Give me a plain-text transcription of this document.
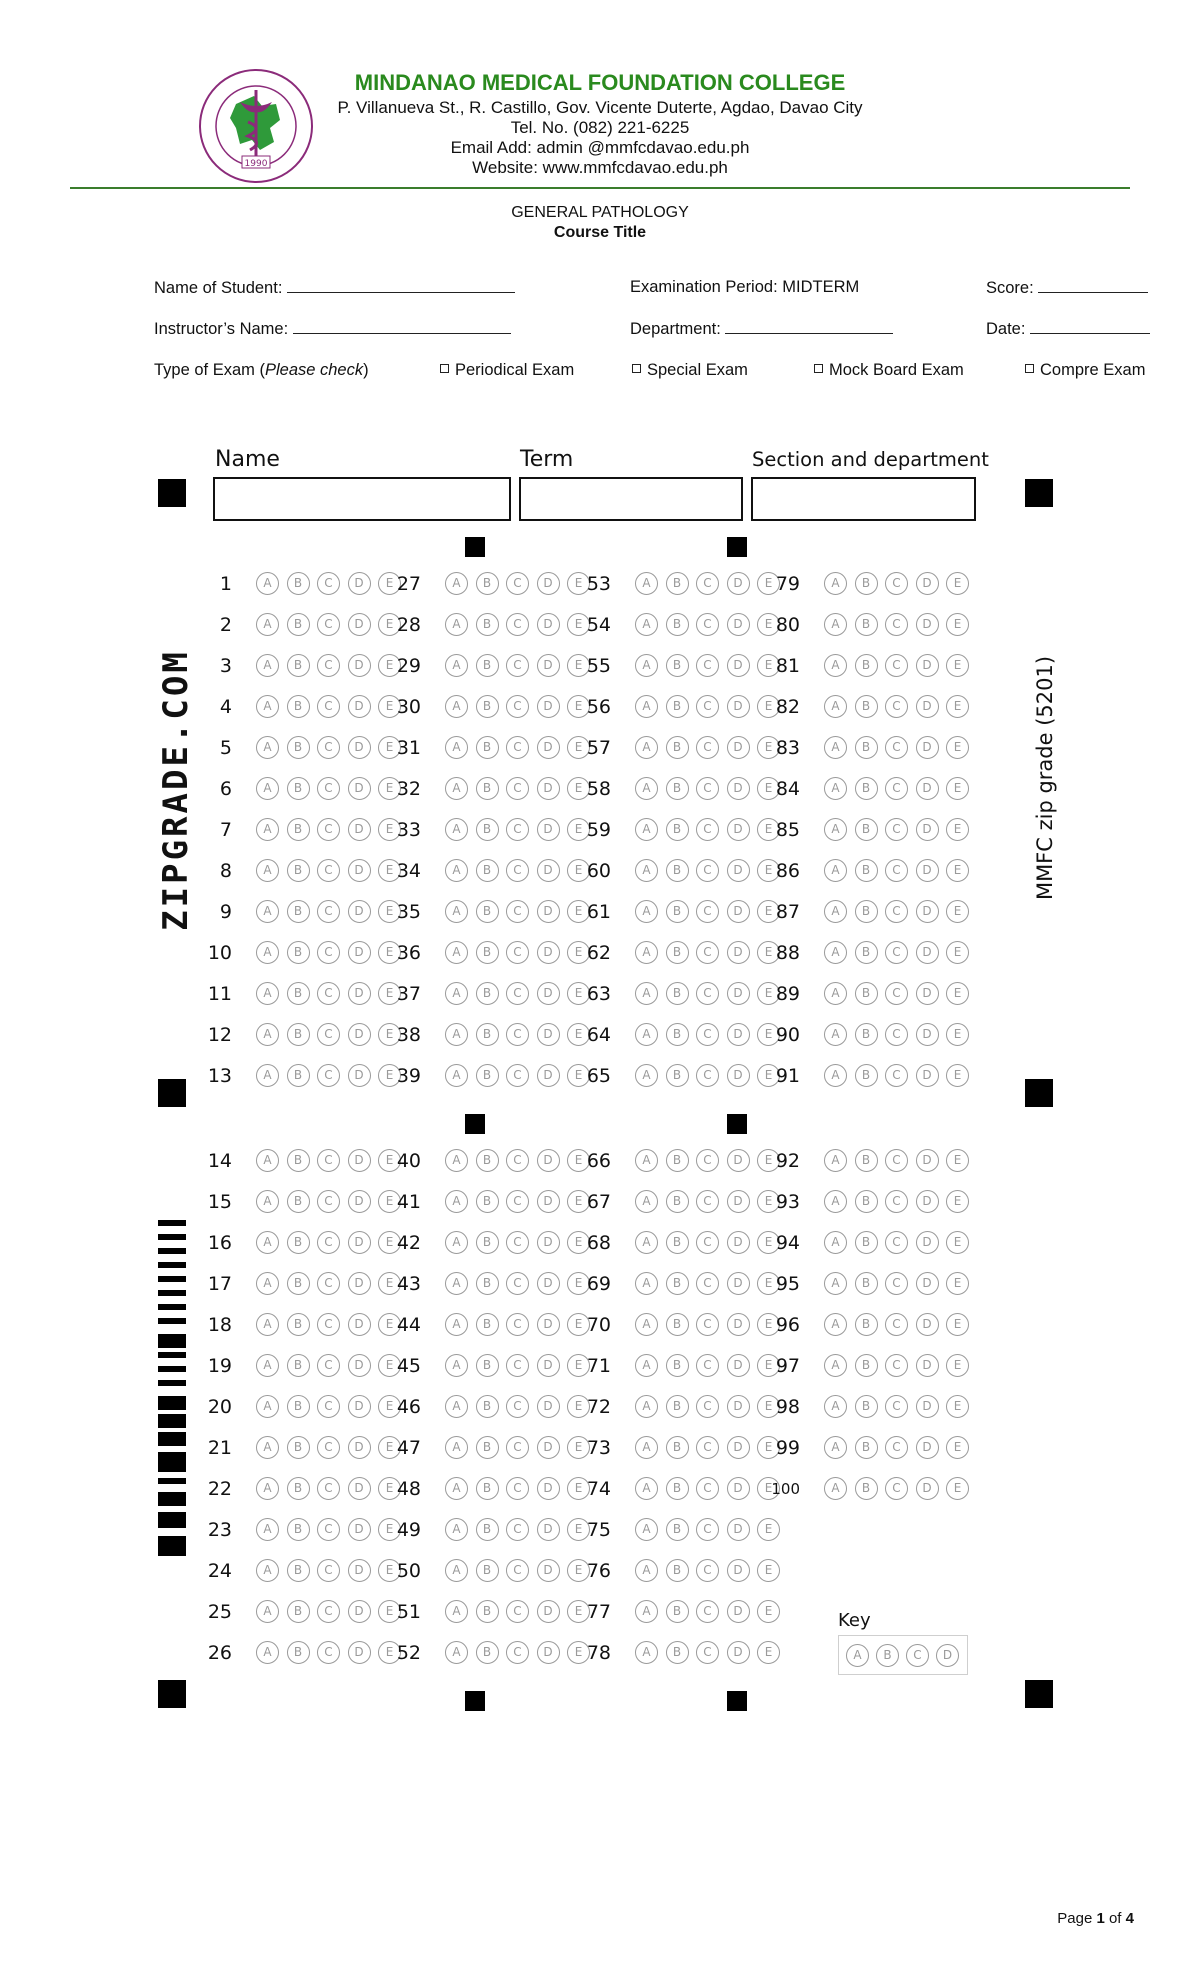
1990
MINDANAO MEDICAL FOUNDATION COLLEGE
P. Villanueva St., R. Castillo, Gov. Vicente Duterte, Agdao, Davao City
Tel. No. (082) 221-6225
Email Add: admin @mmfcdavao.edu.ph
Website: www.mmfcdavao.edu.ph
GENERAL PATHOLOGY
Course Title
Name of Student:	Examination Period: MIDTERM	Score:
Instructor’s Name:	Department:	Date:
Type of Exam (Please check)	Periodical Exam	Special Exam	Mock Board Exam	Compre Exam
Name	Term	Section and department
ZIPGRADE.COM	MMFC zip grade (5201)
1	A	B	C	D	E
2	A	B	C	D	E
3	A	B	C	D	E
4	A	B	C	D	E
5	A	B	C	D	E
6	A	B	C	D	E
7	A	B	C	D	E
8	A	B	C	D	E
9	A	B	C	D	E
10	A	B	C	D	E
11	A	B	C	D	E
12	A	B	C	D	E
13	A	B	C	D	E
14	A	B	C	D	E
15	A	B	C	D	E
16	A	B	C	D	E
17	A	B	C	D	E
18	A	B	C	D	E
19	A	B	C	D	E
20	A	B	C	D	E
21	A	B	C	D	E
22	A	B	C	D	E
23	A	B	C	D	E
24	A	B	C	D	E
25	A	B	C	D	E
26	A	B	C	D	E
27	A	B	C	D	E
28	A	B	C	D	E
29	A	B	C	D	E
30	A	B	C	D	E
31	A	B	C	D	E
32	A	B	C	D	E
33	A	B	C	D	E
34	A	B	C	D	E
35	A	B	C	D	E
36	A	B	C	D	E
37	A	B	C	D	E
38	A	B	C	D	E
39	A	B	C	D	E
40	A	B	C	D	E
41	A	B	C	D	E
42	A	B	C	D	E
43	A	B	C	D	E
44	A	B	C	D	E
45	A	B	C	D	E
46	A	B	C	D	E
47	A	B	C	D	E
48	A	B	C	D	E
49	A	B	C	D	E
50	A	B	C	D	E
51	A	B	C	D	E
52	A	B	C	D	E
53	A	B	C	D	E
54	A	B	C	D	E
55	A	B	C	D	E
56	A	B	C	D	E
57	A	B	C	D	E
58	A	B	C	D	E
59	A	B	C	D	E
60	A	B	C	D	E
61	A	B	C	D	E
62	A	B	C	D	E
63	A	B	C	D	E
64	A	B	C	D	E
65	A	B	C	D	E
66	A	B	C	D	E
67	A	B	C	D	E
68	A	B	C	D	E
69	A	B	C	D	E
70	A	B	C	D	E
71	A	B	C	D	E
72	A	B	C	D	E
73	A	B	C	D	E
74	A	B	C	D	E
75	A	B	C	D	E
76	A	B	C	D	E
77	A	B	C	D	E
78	A	B	C	D	E
79	A	B	C	D	E
80	A	B	C	D	E
81	A	B	C	D	E
82	A	B	C	D	E
83	A	B	C	D	E
84	A	B	C	D	E
85	A	B	C	D	E
86	A	B	C	D	E
87	A	B	C	D	E
88	A	B	C	D	E
89	A	B	C	D	E
90	A	B	C	D	E
91	A	B	C	D	E
92	A	B	C	D	E
93	A	B	C	D	E
94	A	B	C	D	E
95	A	B	C	D	E
96	A	B	C	D	E
97	A	B	C	D	E
98	A	B	C	D	E
99	A	B	C	D	E
100	A	B	C	D	E
Key
Page 1 of 4
A	B	C	D
